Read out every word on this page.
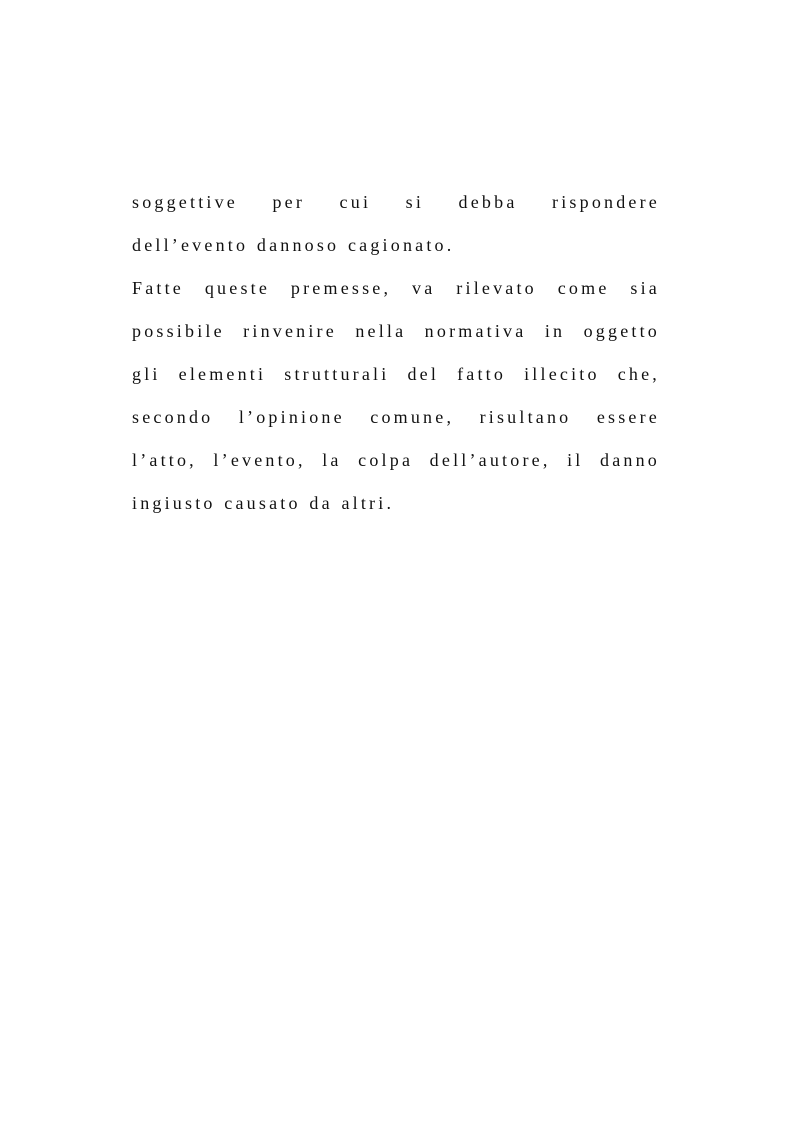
soggettive per cui si debba rispondere
dell’evento dannoso cagionato.
Fatte queste premesse, va rilevato come sia
possibile rinvenire nella normativa in oggetto
gli elementi strutturali del fatto illecito che,
secondo l’opinione comune, risultano essere
l’atto, l’evento, la colpa dell’autore, il danno
ingiusto causato da altri.
